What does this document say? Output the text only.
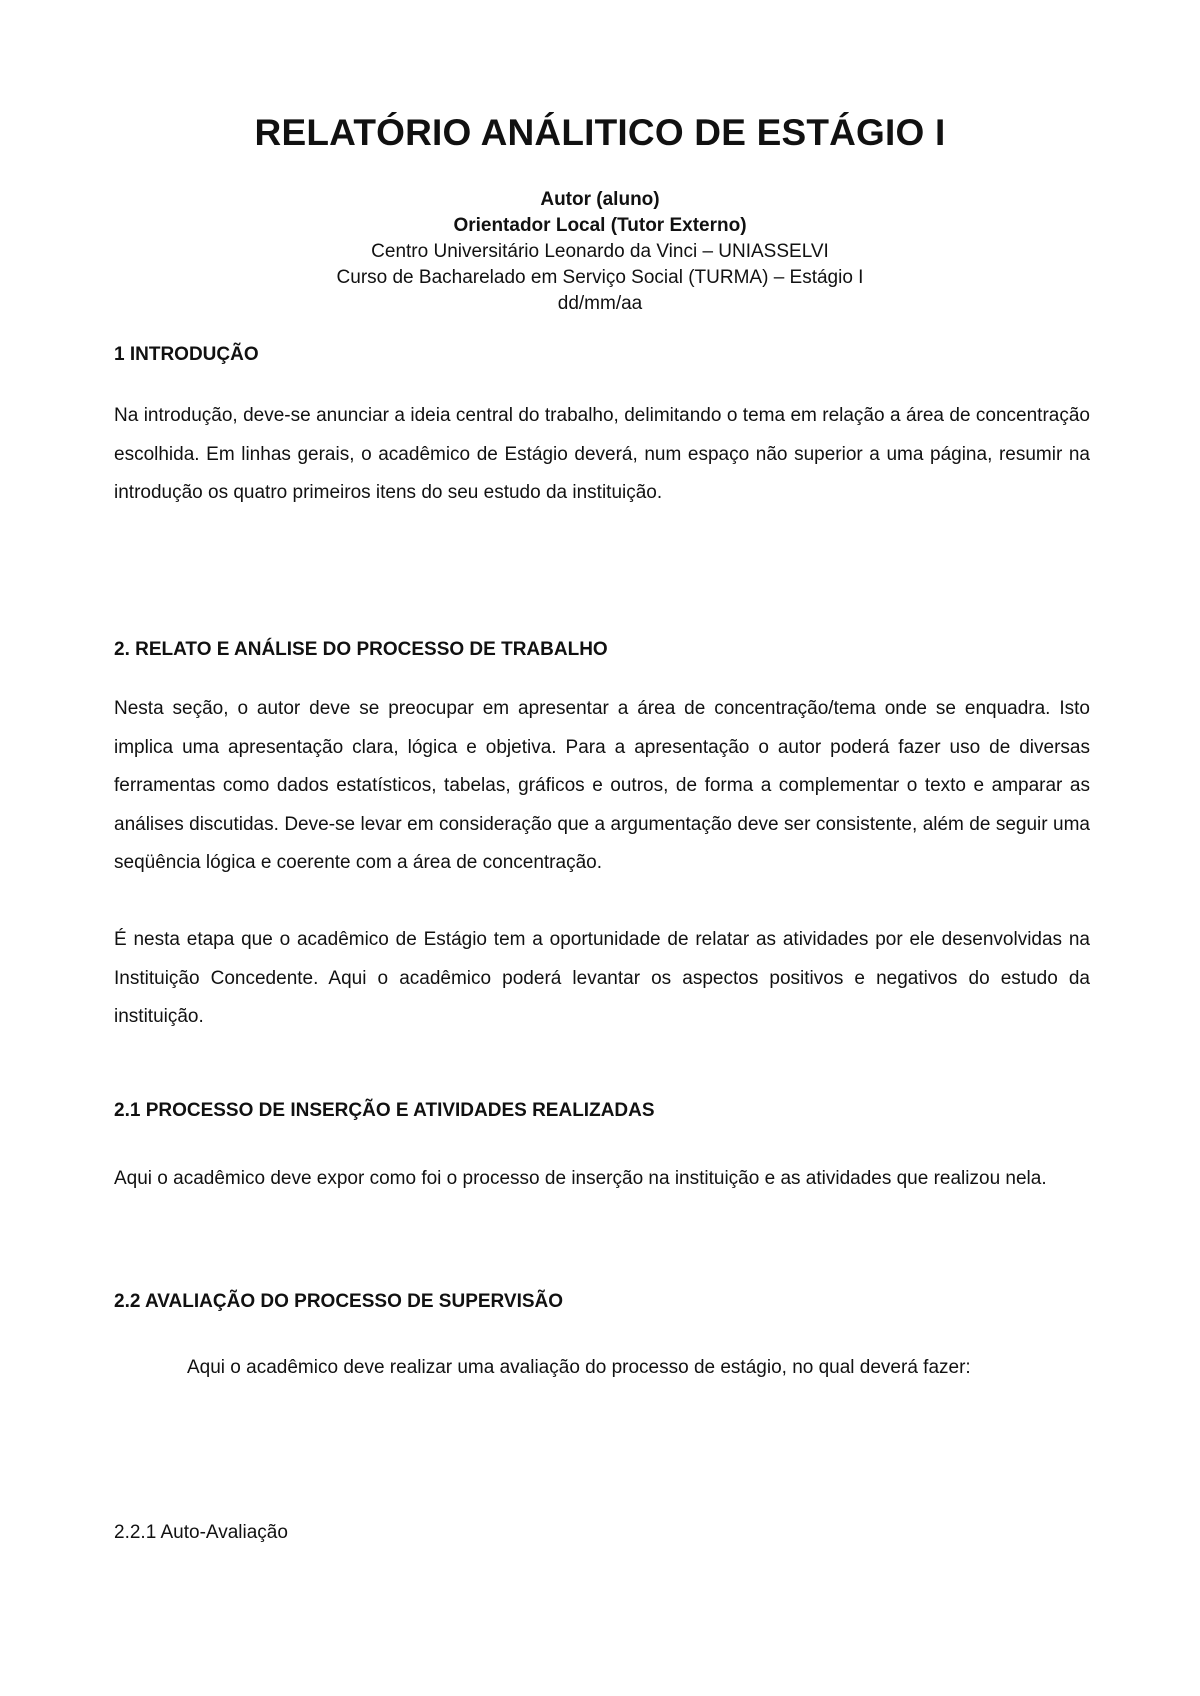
RELATÓRIO ANÁLITICO DE ESTÁGIO I

Autor (aluno)

Orientador Local (Tutor Externo)

Centro Universitário Leonardo da Vinci – UNIASSELVI

Curso de Bacharelado em Serviço Social (TURMA) – Estágio I

dd/mm/aa

1 INTRODUÇÃO

Na introdução, deve-se anunciar a ideia central do trabalho, delimitando o tema em relação a área de concentração escolhida. Em linhas gerais, o acadêmico de Estágio deverá, num espaço não superior a uma página, resumir na introdução os quatro primeiros itens do seu estudo da instituição.

2. RELATO E ANÁLISE DO PROCESSO DE TRABALHO

Nesta seção, o autor deve se preocupar em apresentar a área de concentração/tema onde se enquadra. Isto implica uma apresentação clara, lógica e objetiva. Para a apresentação o autor poderá fazer uso de diversas ferramentas como dados estatísticos, tabelas, gráficos e outros, de forma a complementar o texto e amparar as análises discutidas. Deve-se levar em consideração que a argumentação deve ser consistente, além de seguir uma seqüência lógica e coerente com a área de concentração.

É nesta etapa que o acadêmico de Estágio tem a oportunidade de relatar as atividades por ele desenvolvidas na Instituição Concedente. Aqui o acadêmico poderá levantar os aspectos positivos e negativos do estudo da instituição.

2.1 PROCESSO DE INSERÇÃO E ATIVIDADES REALIZADAS

Aqui o acadêmico deve expor como foi o processo de inserção na instituição e as atividades que realizou nela.

2.2 AVALIAÇÃO DO PROCESSO DE SUPERVISÃO

Aqui o acadêmico deve realizar uma avaliação do processo de estágio, no qual deverá fazer:

2.2.1 Auto-Avaliação
